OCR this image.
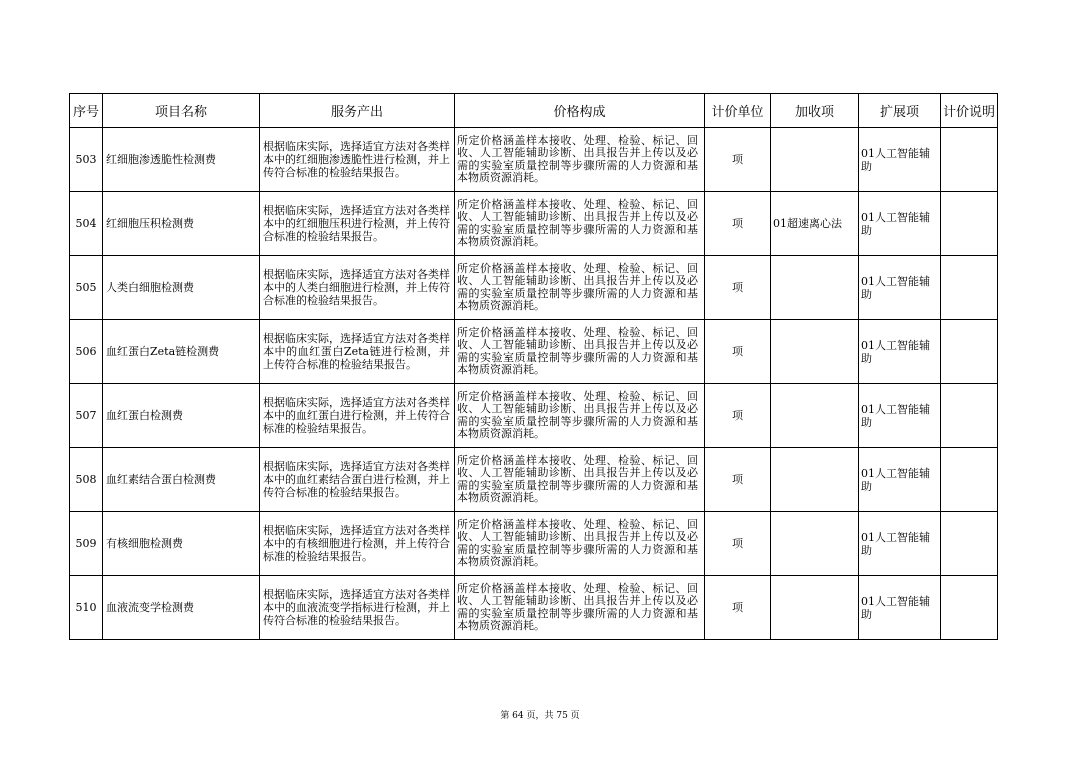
序号	项目名称	服务产出	价格构成	计价单位	加收项	扩展项	计价说明
503	红细胞渗透脆性检测费	根据临床实际，选择适宜方法对各类样本中的红细胞渗透脆性进行检测，并上传符合标准的检验结果报告。	所定价格涵盖样本接收、处理、检验、标记、回收、人工智能辅助诊断、出具报告并上传以及必需的实验室质量控制等步骤所需的人力资源和基本物质资源消耗。	项		01人工智能辅助	
504	红细胞压积检测费	根据临床实际，选择适宜方法对各类样本中的红细胞压积进行检测，并上传符合标准的检验结果报告。	所定价格涵盖样本接收、处理、检验、标记、回收、人工智能辅助诊断、出具报告并上传以及必需的实验室质量控制等步骤所需的人力资源和基本物质资源消耗。	项	01超速离心法	01人工智能辅助	
505	人类白细胞检测费	根据临床实际，选择适宜方法对各类样本中的人类白细胞进行检测，并上传符合标准的检验结果报告。	所定价格涵盖样本接收、处理、检验、标记、回收、人工智能辅助诊断、出具报告并上传以及必需的实验室质量控制等步骤所需的人力资源和基本物质资源消耗。	项		01人工智能辅助	
506	血红蛋白Zeta链检测费	根据临床实际，选择适宜方法对各类样本中的血红蛋白Zeta链进行检测，并上传符合标准的检验结果报告。	所定价格涵盖样本接收、处理、检验、标记、回收、人工智能辅助诊断、出具报告并上传以及必需的实验室质量控制等步骤所需的人力资源和基本物质资源消耗。	项		01人工智能辅助	
507	血红蛋白检测费	根据临床实际，选择适宜方法对各类样本中的血红蛋白进行检测，并上传符合标准的检验结果报告。	所定价格涵盖样本接收、处理、检验、标记、回收、人工智能辅助诊断、出具报告并上传以及必需的实验室质量控制等步骤所需的人力资源和基本物质资源消耗。	项		01人工智能辅助	
508	血红素结合蛋白检测费	根据临床实际，选择适宜方法对各类样本中的血红素结合蛋白进行检测，并上传符合标准的检验结果报告。	所定价格涵盖样本接收、处理、检验、标记、回收、人工智能辅助诊断、出具报告并上传以及必需的实验室质量控制等步骤所需的人力资源和基本物质资源消耗。	项		01人工智能辅助	
509	有核细胞检测费	根据临床实际，选择适宜方法对各类样本中的有核细胞进行检测，并上传符合标准的检验结果报告。	所定价格涵盖样本接收、处理、检验、标记、回收、人工智能辅助诊断、出具报告并上传以及必需的实验室质量控制等步骤所需的人力资源和基本物质资源消耗。	项		01人工智能辅助	
510	血液流变学检测费	根据临床实际，选择适宜方法对各类样本中的血液流变学指标进行检测，并上传符合标准的检验结果报告。	所定价格涵盖样本接收、处理、检验、标记、回收、人工智能辅助诊断、出具报告并上传以及必需的实验室质量控制等步骤所需的人力资源和基本物质资源消耗。	项		01人工智能辅助	
第 64 页，共 75 页
